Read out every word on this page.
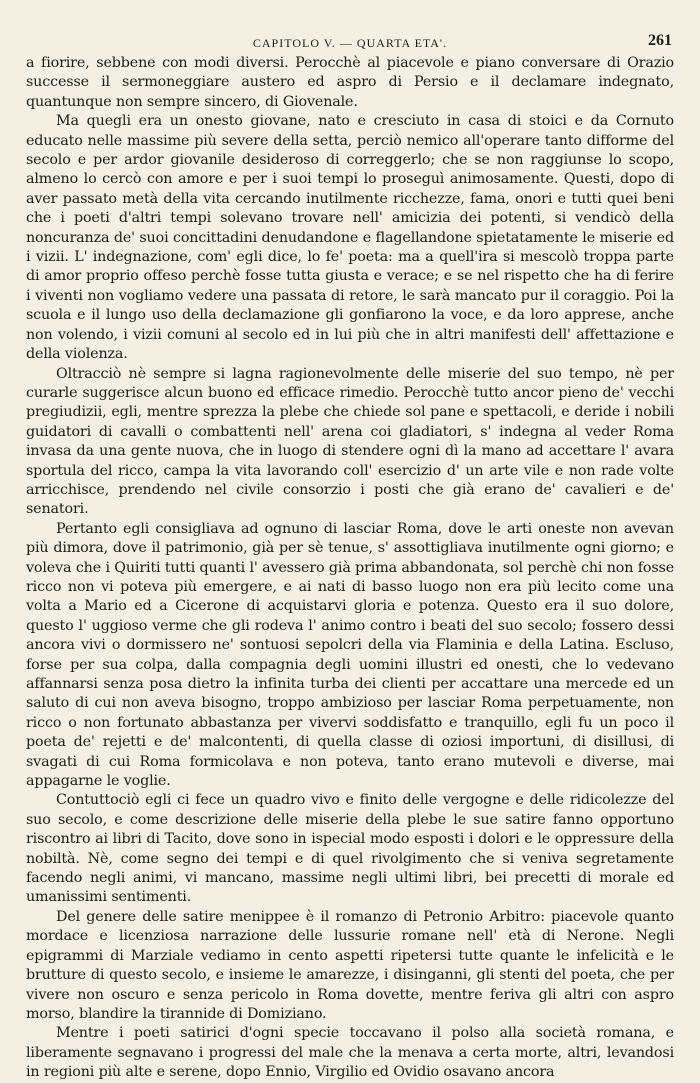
CAPITOLO V. — QUARTA ETA'.	261

a fiorire, sebbene con modi diversi. Perocchè al piacevole e piano conversare di Orazio successe il sermoneggiare austero ed aspro di Persio e il declamare indegnato, quantunque non sempre sincero, di Giovenale.

Ma quegli era un onesto giovane, nato e cresciuto in casa di stoici e da Cornuto educato nelle massime più severe della setta, perciò nemico all'operare tanto difforme del secolo e per ardor giovanile desideroso di correggerlo; che se non raggiunse lo scopo, almeno lo cercò con amore e per i suoi tempi lo proseguì animosamente. Questi, dopo di aver passato metà della vita cercando inutilmente ricchezze, fama, onori e tutti quei beni che i poeti d'altri tempi solevano trovare nell' amicizia dei potenti, si vendicò della noncuranza de' suoi concittadini denudandone e flagellandone spietatamente le miserie ed i vizii. L' indegnazione, com' egli dice, lo fe' poeta: ma a quell'ira si mescolò troppa parte di amor proprio offeso perchè fosse tutta giusta e verace; e se nel rispetto che ha di ferire i viventi non vogliamo vedere una passata di retore, le sarà mancato pur il coraggio. Poi la scuola e il lungo uso della declamazione gli gonfiarono la voce, e da loro apprese, anche non volendo, i vizii comuni al secolo ed in lui più che in altri manifesti dell' affettazione e della violenza.

Oltracciò nè sempre si lagna ragionevolmente delle miserie del suo tempo, nè per curarle suggerisce alcun buono ed efficace rimedio. Perocchè tutto ancor pieno de' vecchi pregiudizii, egli, mentre sprezza la plebe che chiede sol pane e spettacoli, e deride i nobili guidatori di cavalli o combattenti nell' arena coi gladiatori, s' indegna al veder Roma invasa da una gente nuova, che in luogo di stendere ogni dì la mano ad accettare l' avara sportula del ricco, campa la vita lavorando coll' esercizio d' un arte vile e non rade volte arricchisce, prendendo nel civile consorzio i posti che già erano de' cavalieri e de' senatori.

Pertanto egli consigliava ad ognuno di lasciar Roma, dove le arti oneste non avevan più dimora, dove il patrimonio, già per sè tenue, s' assottigliava inutilmente ogni giorno; e voleva che i Quiriti tutti quanti l' avessero già prima abbandonata, sol perchè chi non fosse ricco non vi poteva più emergere, e ai nati di basso luogo non era più lecito come una volta a Mario ed a Cicerone di acquistarvi gloria e potenza. Questo era il suo dolore, questo l' uggioso verme che gli rodeva l' animo contro i beati del suo secolo; fossero dessi ancora vivi o dormissero ne' sontuosi sepolcri della via Flaminia e della Latina. Escluso, forse per sua colpa, dalla compagnia degli uomini illustri ed onesti, che lo vedevano affannarsi senza posa dietro la infinita turba dei clienti per accattare una mercede ed un saluto di cui non aveva bisogno, troppo ambizioso per lasciar Roma perpetuamente, non ricco o non fortunato abbastanza per vivervi soddisfatto e tranquillo, egli fu un poco il poeta de' rejetti e de' malcontenti, di quella classe di oziosi importuni, di disillusi, di svagati di cui Roma formicolava e non poteva, tanto erano mutevoli e diverse, mai appagarne le voglie.

Contuttociò egli ci fece un quadro vivo e finito delle vergogne e delle ridicolezze del suo secolo, e come descrizione delle miserie della plebe le sue satire fanno opportuno riscontro ai libri di Tacito, dove sono in ispecial modo esposti i dolori e le oppressure della nobiltà. Nè, come segno dei tempi e di quel rivolgimento che si veniva segretamente facendo negli animi, vi mancano, massime negli ultimi libri, bei precetti di morale ed umanissimi sentimenti.

Del genere delle satire menippee è il romanzo di Petronio Arbitro: piacevole quanto mordace e licenziosa narrazione delle lussurie romane nell' età di Nerone. Negli epigrammi di Marziale vediamo in cento aspetti ripetersi tutte quante le infelicità e le brutture di questo secolo, e insieme le amarezze, i disinganni, gli stenti del poeta, che per vivere non oscuro e senza pericolo in Roma dovette, mentre feriva gli altri con aspro morso, blandire la tirannide di Domiziano.

Mentre i poeti satirici d'ogni specie toccavano il polso alla società romana, e liberamente segnavano i progressi del male che la menava a certa morte, altri, levandosi in regioni più alte e serene, dopo Ennio, Virgilio ed Ovidio osavano ancora
